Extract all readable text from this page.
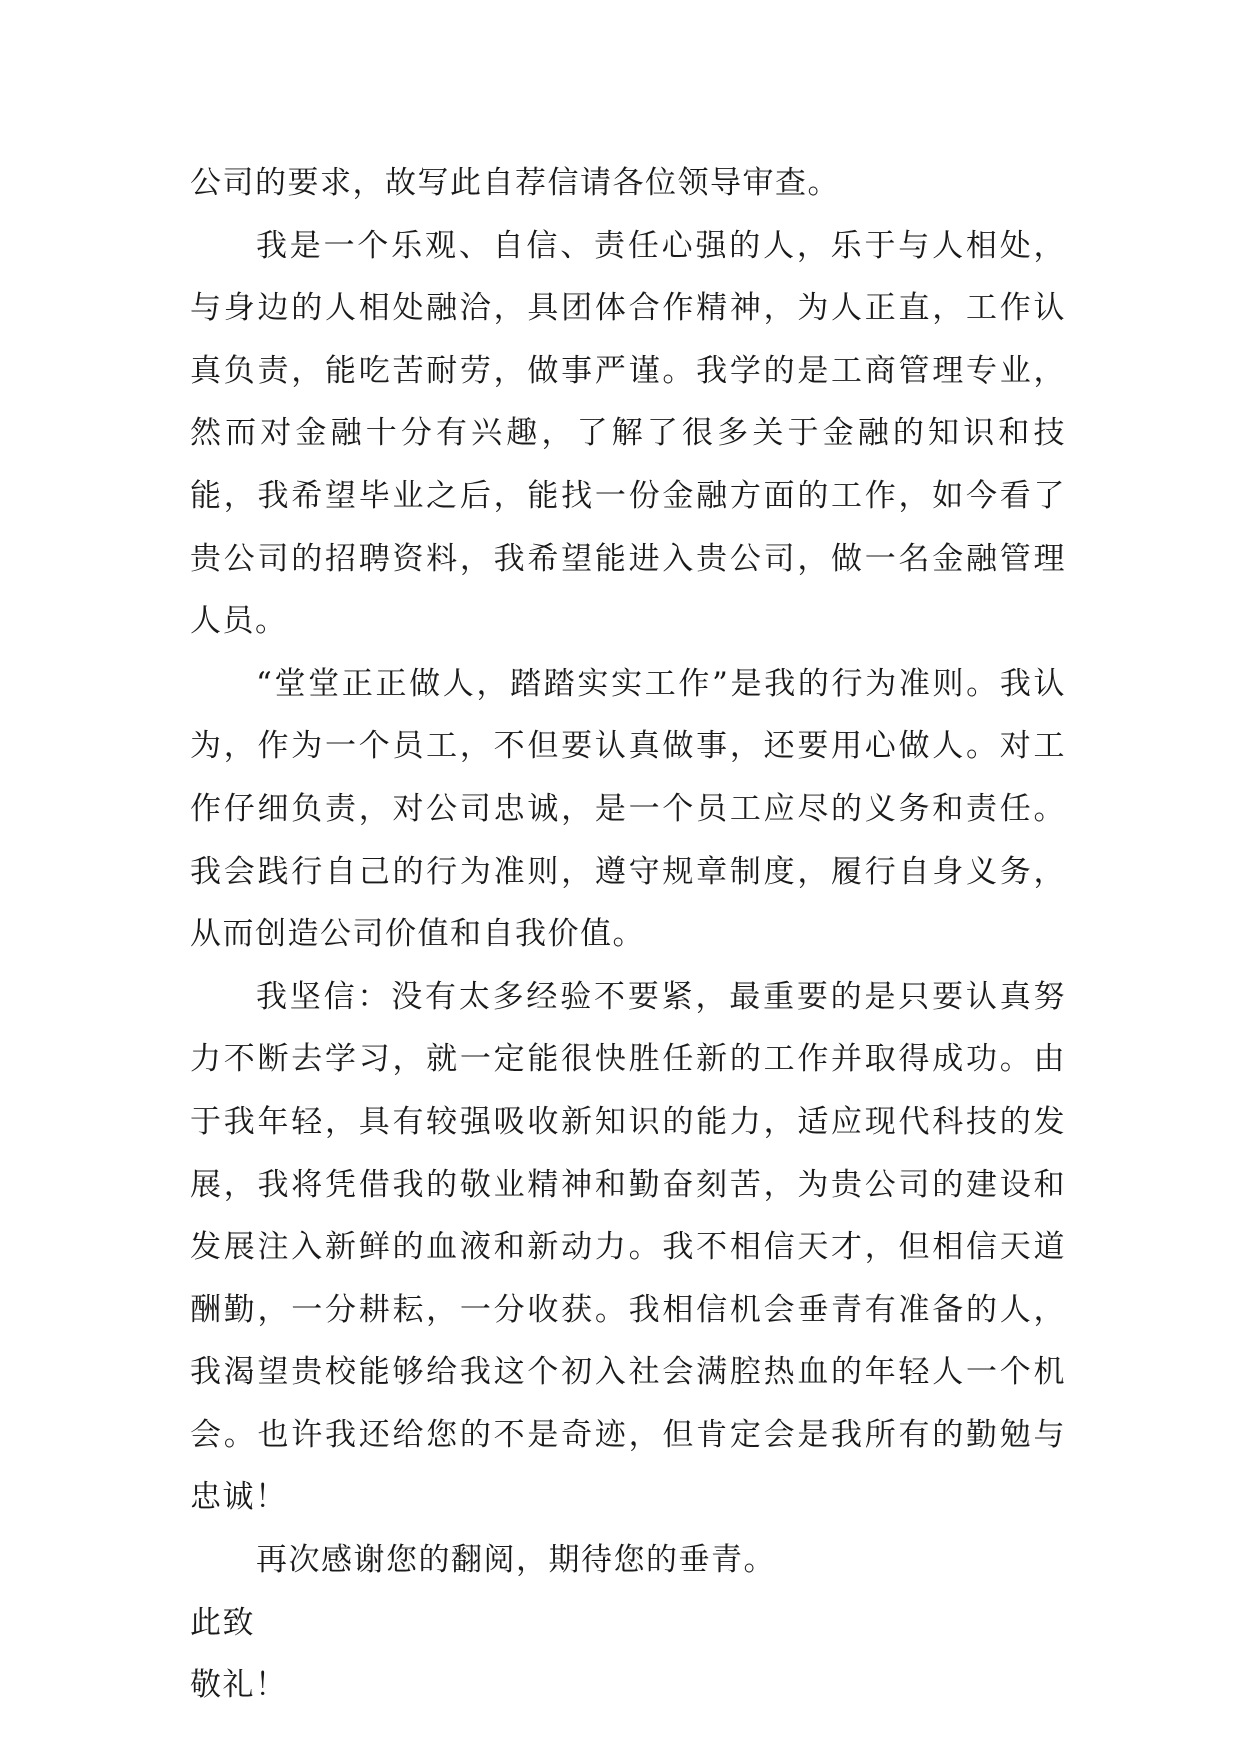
公司的要求，故写此自荐信请各位领导审查。

我是一个乐观、自信、责任心强的人，乐于与人相处，与身边的人相处融洽，具团体合作精神，为人正直，工作认真负责，能吃苦耐劳，做事严谨。我学的是工商管理专业，然而对金融十分有兴趣，了解了很多关于金融的知识和技能，我希望毕业之后，能找一份金融方面的工作，如今看了贵公司的招聘资料，我希望能进入贵公司，做一名金融管理人员。

“堂堂正正做人，踏踏实实工作”是我的行为准则。我认为，作为一个员工，不但要认真做事，还要用心做人。对工作仔细负责，对公司忠诚，是一个员工应尽的义务和责任。我会践行自己的行为准则，遵守规章制度，履行自身义务，从而创造公司价值和自我价值。

我坚信：没有太多经验不要紧，最重要的是只要认真努力不断去学习，就一定能很快胜任新的工作并取得成功。由于我年轻，具有较强吸收新知识的能力，适应现代科技的发展，我将凭借我的敬业精神和勤奋刻苦，为贵公司的建设和发展注入新鲜的血液和新动力。我不相信天才，但相信天道酬勤，一分耕耘，一分收获。我相信机会垂青有准备的人，我渴望贵校能够给我这个初入社会满腔热血的年轻人一个机会。也许我还给您的不是奇迹，但肯定会是我所有的勤勉与忠诚！

再次感谢您的翻阅，期待您的垂青。

此致

敬礼！
